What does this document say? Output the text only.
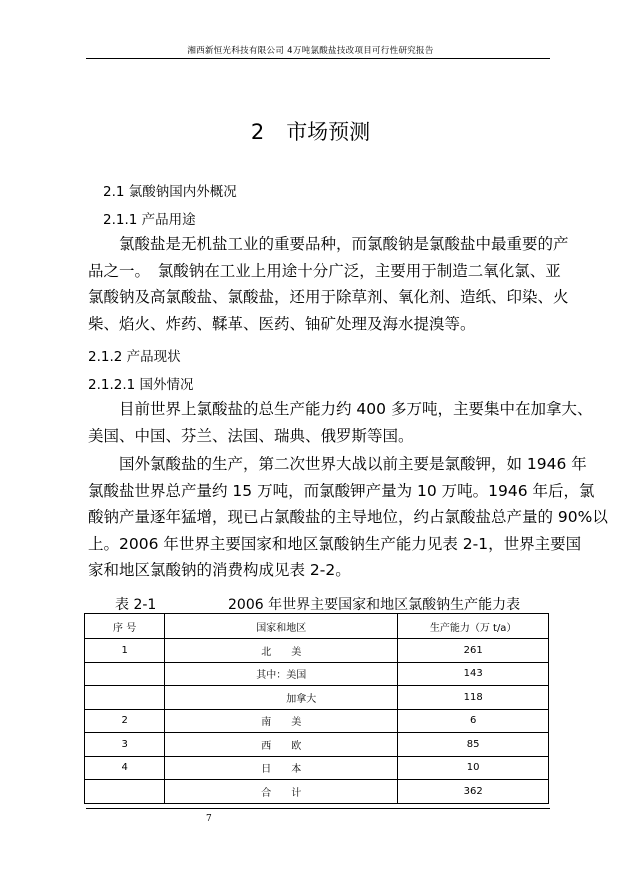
湘西新恒光科技有限公司 4万吨氯酸盐技改项目可行性研究报告
2 市场预测
2.1 氯酸钠国内外概况
2.1.1 产品用途
　　氯酸盐是无机盐工业的重要品种，而氯酸钠是氯酸盐中最重要的产
品之一。　氯酸钠在工业上用途十分广泛，主要用于制造二氧化氯、亚
氯酸钠及高氯酸盐、氯酸盐，还用于除草剂、氧化剂、造纸、印染、火
柴、焰火、炸药、鞣革、医药、铀矿处理及海水提溴等。
2.1.2 产品现状
2.1.2.1 国外情况
　　目前世界上氯酸盐的总生产能力约 400 多万吨，主要集中在加拿大、
美国、中国、芬兰、法国、瑞典、俄罗斯等国。
　　国外氯酸盐的生产，第二次世界大战以前主要是氯酸钾，如 1946 年
氯酸盐世界总产量约 15 万吨，而氯酸钾产量为 10 万吨。1946 年后，氯
酸钠产量逐年猛增，现已占氯酸盐的主导地位，约占氯酸盐总产量的 90%以
上。2006 年世界主要国家和地区氯酸钠生产能力见表 2-1，世界主要国
家和地区氯酸钠的消费构成见表 2-2。
表 2-1	2006 年世界主要国家和地区氯酸钠生产能力表
序 号	国家和地区	生产能力（万 t/a）
1	北　　美	261
	其中：美国	143
	　　　　加拿大	118
2	南　　美	6
3	西　　欧	85
4	日　　本	10
	合　　计	362
7
